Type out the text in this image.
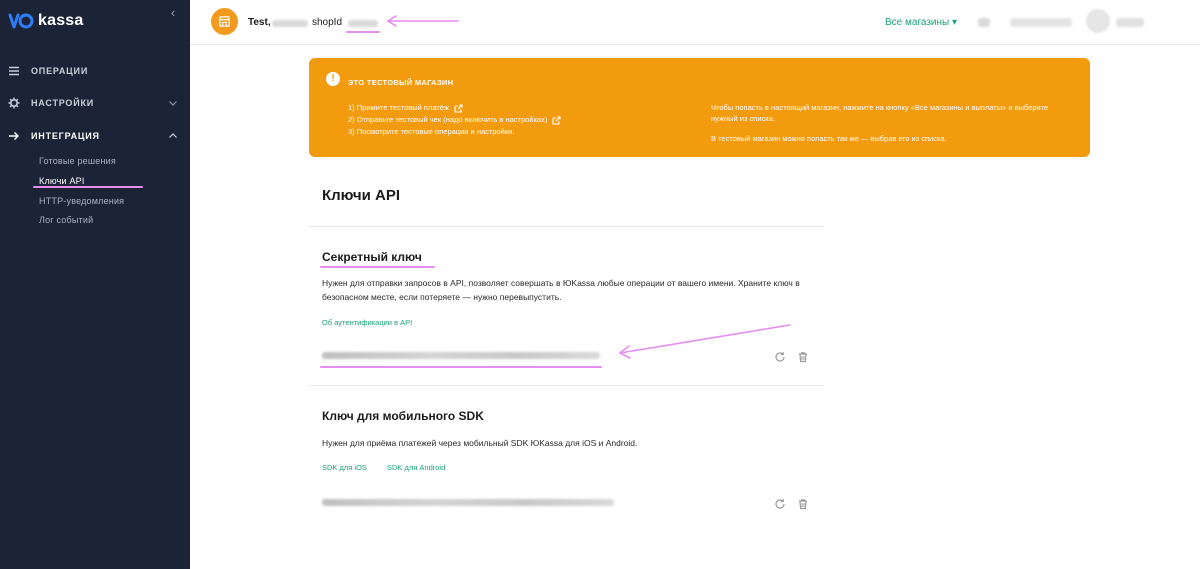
kassa	‹
ОПЕРАЦИИ
НАСТРОЙКИ
ИНТЕГРАЦИЯ
Готовые решения
Ключи API
HTTP-уведомления
Лог событий
Test,	shopId	Все магазины ▾
!	ЭТО ТЕСТОВЫЙ МАГАЗИН
1) Примите тестовый платёж
2) Отправьте тестовый чек (надо включить в настройках)
3) Посмотрите тестовые операции и настройки.

Чтобы попасть в настоящий магазин, нажмите на кнопку «Все магазины и выплаты» и выберите нужный из списка.

В тестовый магазин можно попасть так же — выбрав его из списка.

Ключи API
Секретный ключ
Нужен для отправки запросов в API, позволяет совершать в ЮKassa любые операции от вашего имени. Храните ключ в безопасном месте, если потеряете — нужно перевыпустить.
Об аутентификации в API
Ключ для мобильного SDK
Нужен для приёма платежей через мобильный SDK ЮKassa для iOS и Android.
SDK для iOS	SDK для Android
